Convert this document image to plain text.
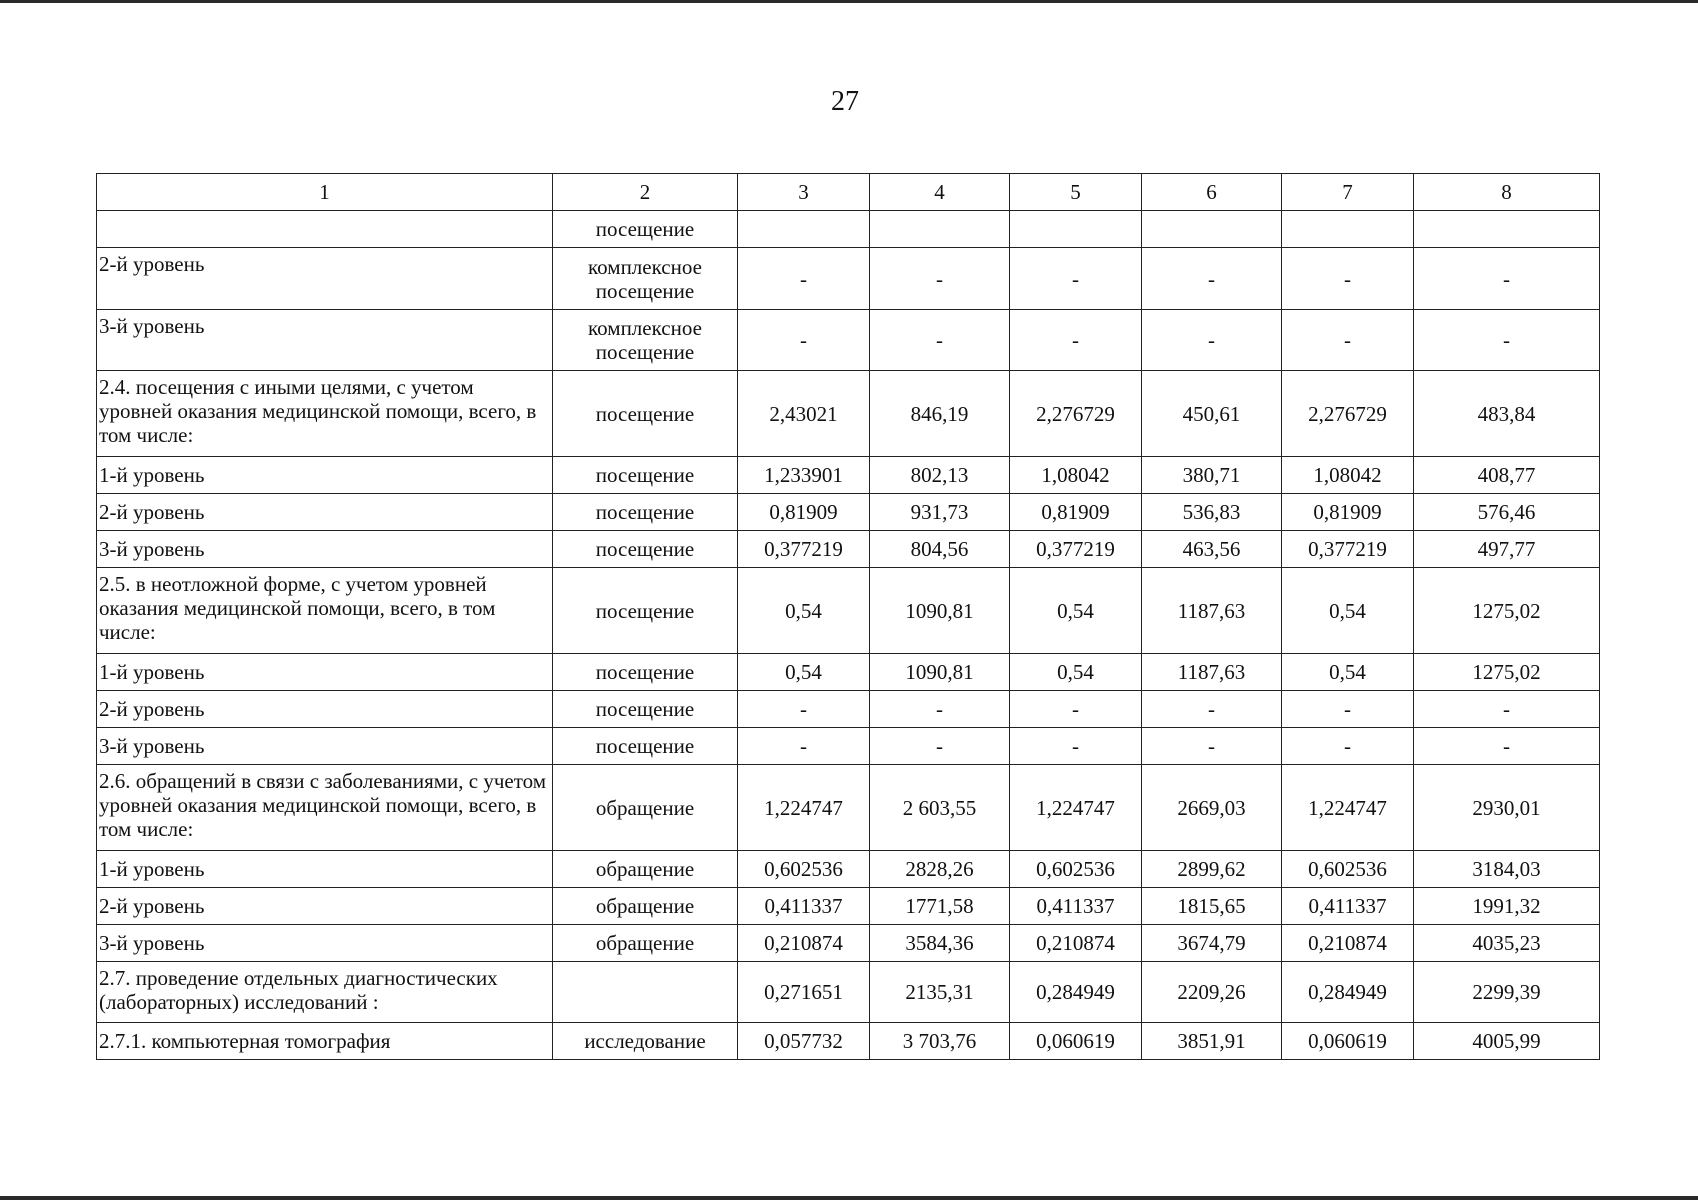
27
1	2	3	4	5	6	7	8
	посещение						
2-й уровень	комплексное посещение	-	-	-	-	-	-
3-й уровень	комплексное посещение	-	-	-	-	-	-
2.4. посещения с иными целями, с учетом уровней оказания медицинской помощи, всего, в том числе:	посещение	2,43021	846,19	2,276729	450,61	2,276729	483,84
1-й уровень	посещение	1,233901	802,13	1,08042	380,71	1,08042	408,77
2-й уровень	посещение	0,81909	931,73	0,81909	536,83	0,81909	576,46
3-й уровень	посещение	0,377219	804,56	0,377219	463,56	0,377219	497,77
2.5. в неотложной форме, с учетом уровней оказания медицинской помощи, всего, в том числе:	посещение	0,54	1090,81	0,54	1187,63	0,54	1275,02
1-й уровень	посещение	0,54	1090,81	0,54	1187,63	0,54	1275,02
2-й уровень	посещение	-	-	-	-	-	-
3-й уровень	посещение	-	-	-	-	-	-
2.6. обращений в связи с заболеваниями, с учетом уровней оказания медицинской помощи, всего, в том числе:	обращение	1,224747	2 603,55	1,224747	2669,03	1,224747	2930,01
1-й уровень	обращение	0,602536	2828,26	0,602536	2899,62	0,602536	3184,03
2-й уровень	обращение	0,411337	1771,58	0,411337	1815,65	0,411337	1991,32
3-й уровень	обращение	0,210874	3584,36	0,210874	3674,79	0,210874	4035,23
2.7. проведение отдельных диагностических (лабораторных) исследований :		0,271651	2135,31	0,284949	2209,26	0,284949	2299,39
2.7.1. компьютерная томография	исследование	0,057732	3 703,76	0,060619	3851,91	0,060619	4005,99
